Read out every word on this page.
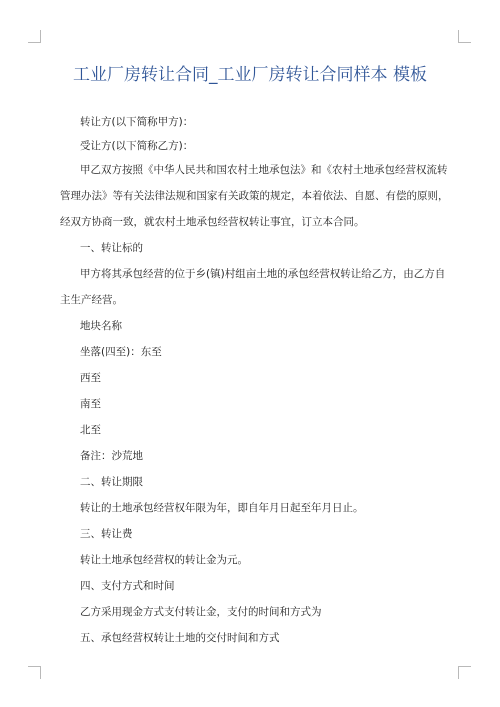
工业厂房转让合同_工业厂房转让合同样本 模板
转让方(以下简称甲方)：
受让方(以下简称乙方)：
甲乙双方按照《中华人民共和国农村土地承包法》和《农村土地承包经营权流转
管理办法》等有关法律法规和国家有关政策的规定，本着依法、自愿、有偿的原则，
经双方协商一致，就农村土地承包经营权转让事宜，订立本合同。
一、转让标的
甲方将其承包经营的位于乡(镇)村组亩土地的承包经营权转让给乙方，由乙方自
主生产经营。
地块名称
坐落(四至)：东至
西至
南至
北至
备注：沙荒地
二、转让期限
转让的土地承包经营权年限为年，即自年月日起至年月日止。
三、转让费
转让土地承包经营权的转让金为元。
四、支付方式和时间
乙方采用现金方式支付转让金，支付的时间和方式为
五、承包经营权转让土地的交付时间和方式
